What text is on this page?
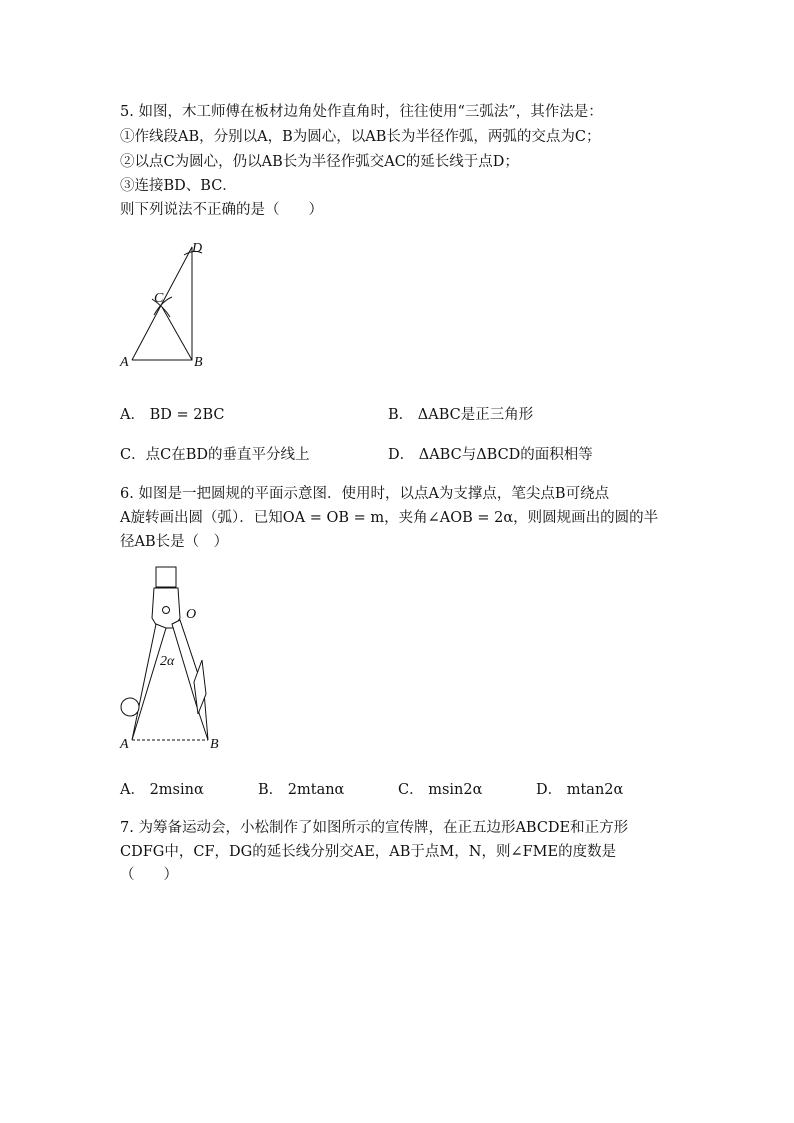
5. 如图，木工师傅在板材边角处作直角时，往往使用“三弧法”，其作法是：
①作线段AB，分别以A，B为圆心，以AB长为半径作弧，两弧的交点为C；
②以点C为圆心，仍以AB长为半径作弧交AC的延长线于点D；
③连接BD、BC．
则下列说法不正确的是（　　）
D
C
A	B
A． BD = 2BC	B． ΔABC是正三角形
C．点C在BD的垂直平分线上	D． ΔABC与ΔBCD的面积相等
6. 如图是一把圆规的平面示意图．使用时，以点A为支撑点，笔尖点B可绕点
A旋转画出圆（弧）．已知OA = OB = m，夹角∠AOB = 2α，则圆规画出的圆的半
径AB长是（　）
O
2α
A	B
A． 2msinα	B． 2mtanα	C． msin2α	D． mtan2α
7. 为筹备运动会，小松制作了如图所示的宣传牌，在正五边形ABCDE和正方形
CDFG中，CF，DG的延长线分别交AE，AB于点M，N，则∠FME的度数是
（　　）
